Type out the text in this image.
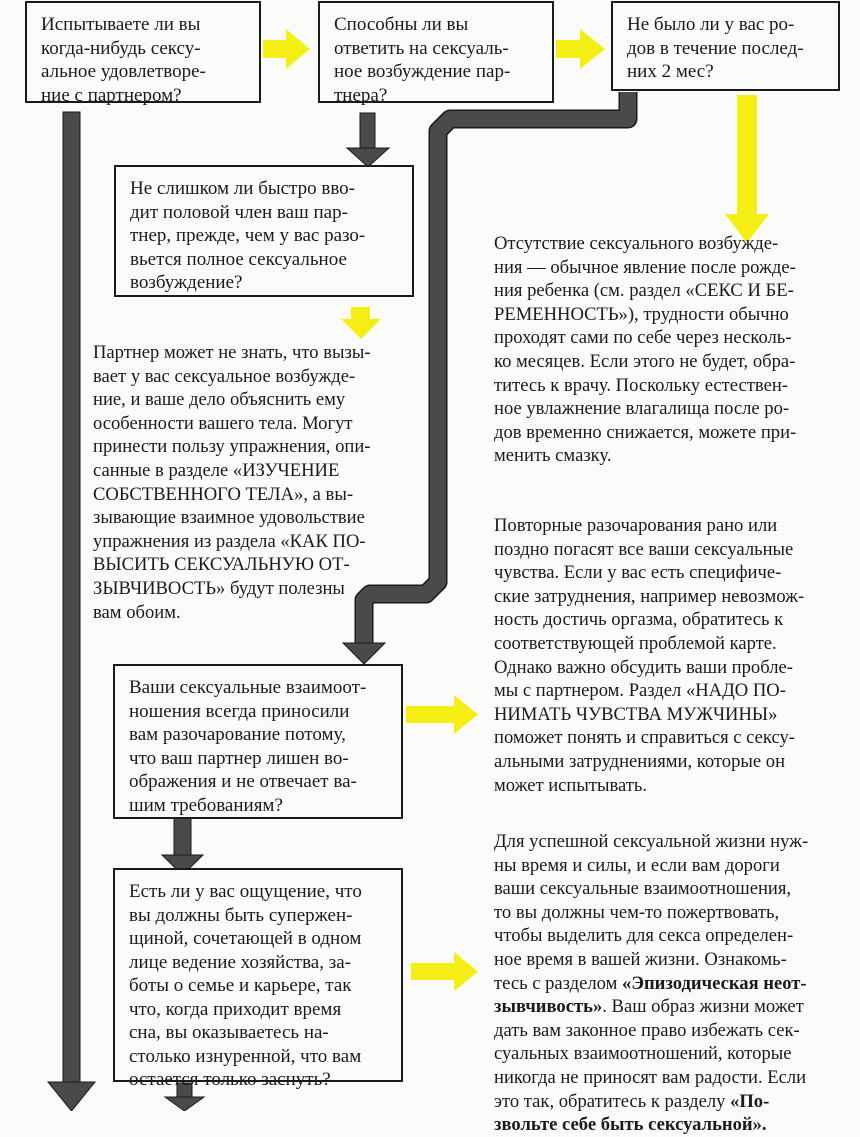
Испытываете ли вы
когда-нибудь сексу-
альное удовлетворе-
ние с партнером?
Способны ли вы
ответить на сексуаль-
ное возбуждение пар-
тнера?
Не было ли у вас ро-
дов в течение послед-
них 2 мес?
Не слишком ли быстро вво-
дит половой член ваш пар-
тнер, прежде, чем у вас разо-
вьется полное сексуальное
возбуждение?
Отсутствие сексуального возбужде-
ния — обычное явление после рожде-
ния ребенка (см. раздел «СЕКС И БЕ-
РЕМЕННОСТЬ»), трудности обычно
проходят сами по себе через несколь-
ко месяцев. Если этого не будет, обра-
титесь к врачу. Поскольку естествен-
ное увлажнение влагалища после ро-
дов временно снижается, можете при-
менить смазку.
Партнер может не знать, что вызы-
вает у вас сексуальное возбужде-
ние, и ваше дело объяснить ему
особенности вашего тела. Могут
принести пользу упражнения, опи-
санные в разделе «ИЗУЧЕНИЕ
СОБСТВЕННОГО ТЕЛА», а вы-
зывающие взаимное удовольствие
упражнения из раздела «КАК ПО-
ВЫСИТЬ СЕКСУАЛЬНУЮ ОТ-
ЗЫВЧИВОСТЬ» будут полезны
вам обоим.
Повторные разочарования рано или
поздно погасят все ваши сексуальные
чувства. Если у вас есть специфиче-
ские затруднения, например невозмож-
ность достичь оргазма, обратитесь к
соответствующей проблемой карте.
Однако важно обсудить ваши пробле-
мы с партнером. Раздел «НАДО ПО-
НИМАТЬ ЧУВСТВА МУЖЧИНЫ»
поможет понять и справиться с сексу-
альными затруднениями, которые он
может испытывать.
Ваши сексуальные взаимоот-
ношения всегда приносили
вам разочарование потому,
что ваш партнер лишен во-
ображения и не отвечает ва-
шим требованиям?
Есть ли у вас ощущение, что
вы должны быть супержен-
щиной, сочетающей в одном
лице ведение хозяйства, за-
боты о семье и карьере, так
что, когда приходит время
сна, вы оказываетесь на-
столько изнуренной, что вам
остается только заснуть?
Для успешной сексуальной жизни нуж-
ны время и силы, и если вам дороги
ваши сексуальные взаимоотношения,
то вы должны чем-то пожертвовать,
чтобы выделить для секса определен-
ное время в вашей жизни. Ознакомь-
тесь с разделом «Эпизодическая неот-
зывчивость». Ваш образ жизни может
дать вам законное право избежать сек-
суальных взаимоотношений, которые
никогда не приносят вам радости. Если
это так, обратитесь к разделу «По-
звольте себе быть сексуальной».
